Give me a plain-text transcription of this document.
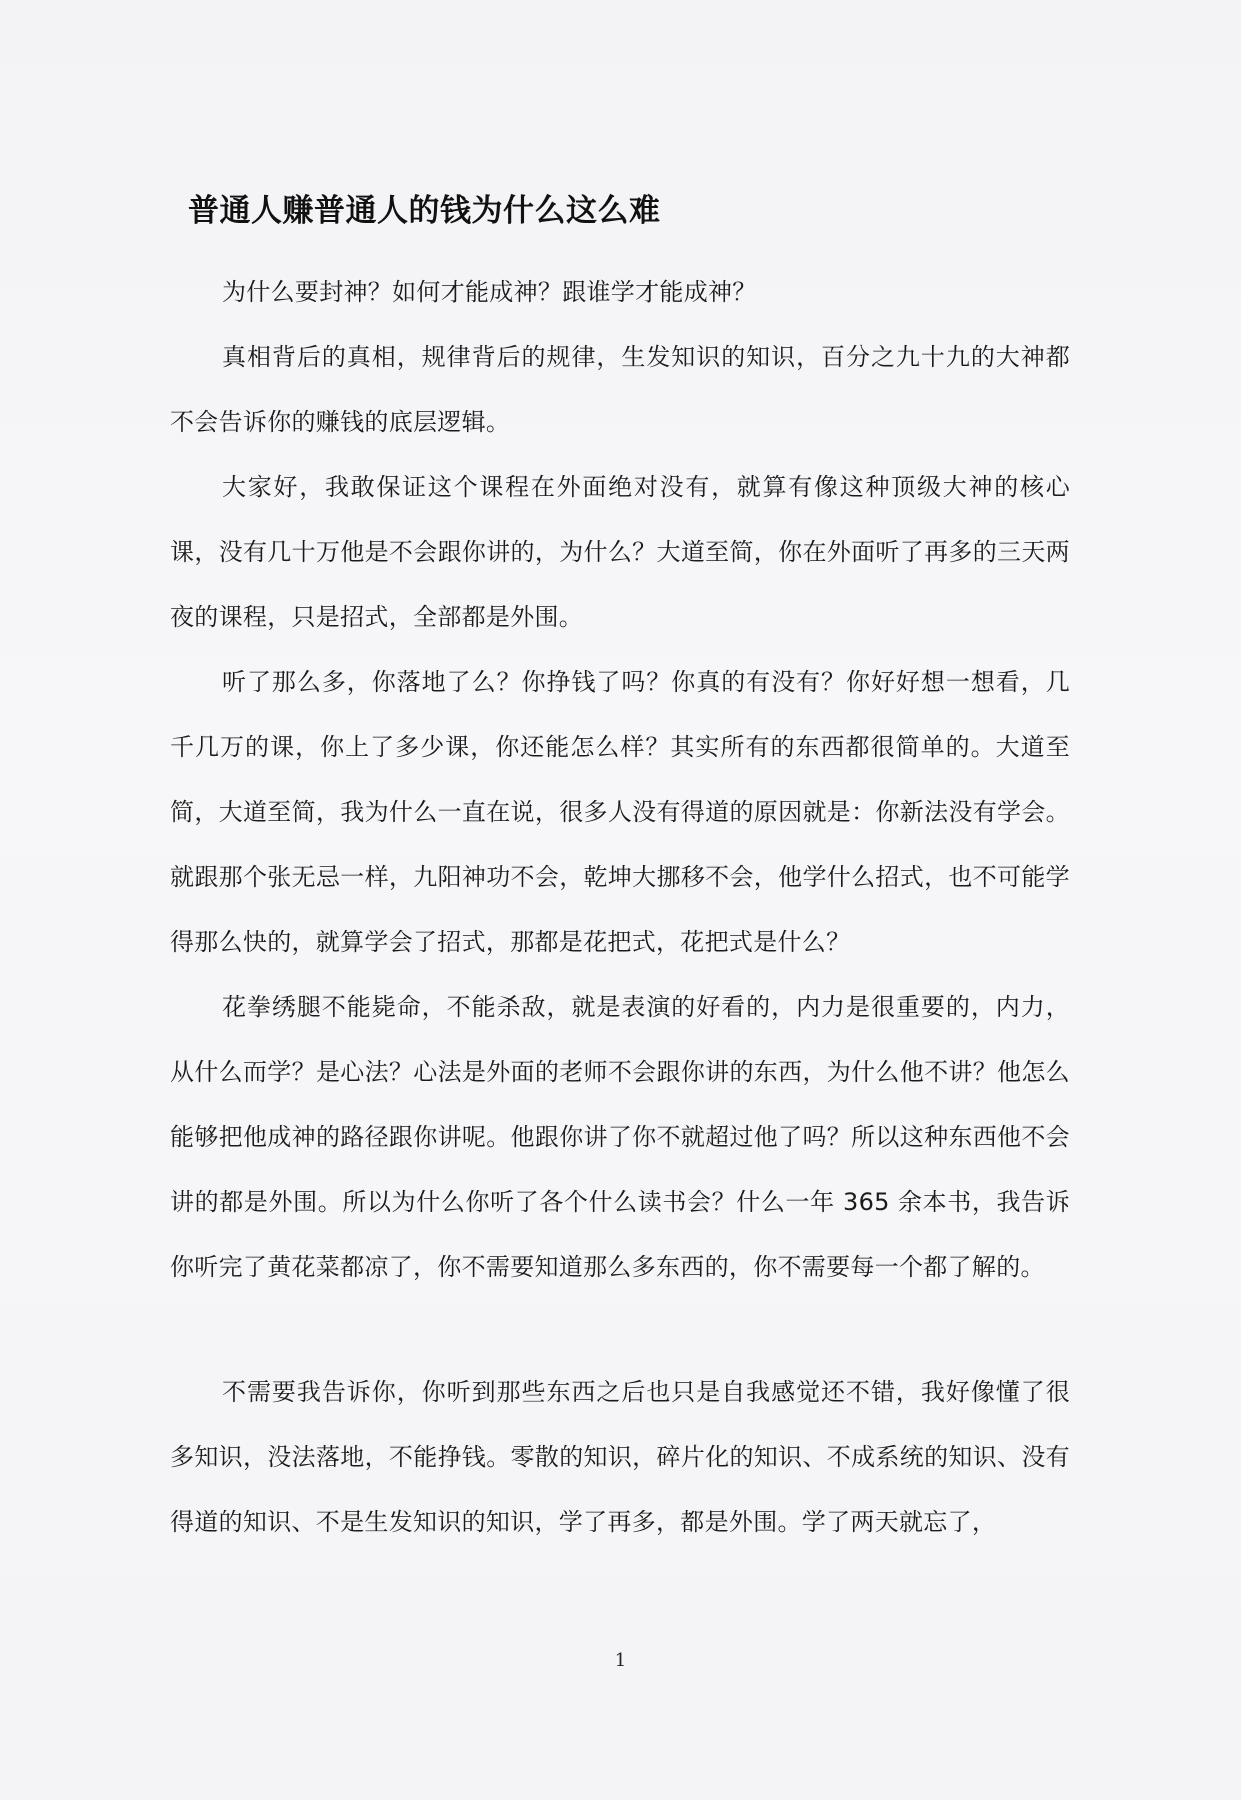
普通人赚普通人的钱为什么这么难

为什么要封神？如何才能成神？跟谁学才能成神？

真相背后的真相，规律背后的规律，生发知识的知识，百分之九十九的大神都不会告诉你的赚钱的底层逻辑。

大家好，我敢保证这个课程在外面绝对没有，就算有像这种顶级大神的核心课，没有几十万他是不会跟你讲的，为什么？大道至简，你在外面听了再多的三天两夜的课程，只是招式，全部都是外围。

听了那么多，你落地了么？你挣钱了吗？你真的有没有？你好好想一想看，几千几万的课，你上了多少课，你还能怎么样？其实所有的东西都很简单的。大道至简，大道至简，我为什么一直在说，很多人没有得道的原因就是：你新法没有学会。就跟那个张无忌一样，九阳神功不会，乾坤大挪移不会，他学什么招式，也不可能学得那么快的，就算学会了招式，那都是花把式，花把式是什么？

花拳绣腿不能毙命，不能杀敌，就是表演的好看的，内力是很重要的，内力，从什么而学？是心法？心法是外面的老师不会跟你讲的东西，为什么他不讲？他怎么能够把他成神的路径跟你讲呢。他跟你讲了你不就超过他了吗？所以这种东西他不会讲的都是外围。所以为什么你听了各个什么读书会？什么一年 365 余本书，我告诉你听完了黄花菜都凉了，你不需要知道那么多东西的，你不需要每一个都了解的。

不需要我告诉你，你听到那些东西之后也只是自我感觉还不错，我好像懂了很多知识，没法落地，不能挣钱。零散的知识，碎片化的知识、不成系统的知识、没有得道的知识、不是生发知识的知识，学了再多，都是外围。学了两天就忘了，

1
